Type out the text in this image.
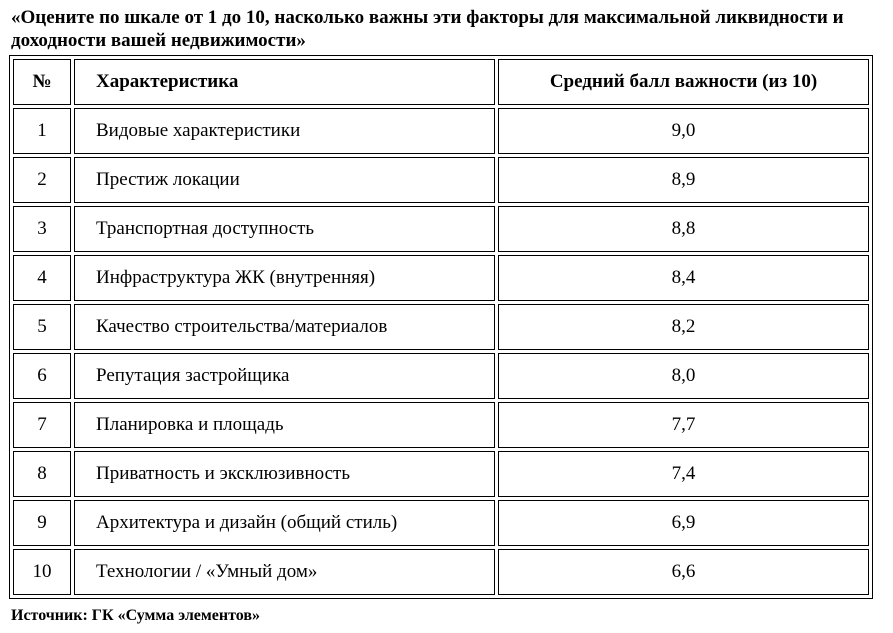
«Оцените по шкале от 1 до 10, насколько важны эти факторы для максимальной ликвидности и доходности вашей недвижимости»

№	Характеристика	Средний балл важности (из 10)
1	Видовые характеристики	9,0
2	Престиж локации	8,9
3	Транспортная доступность	8,8
4	Инфраструктура ЖК (внутренняя)	8,4
5	Качество строительства/материалов	8,2
6	Репутация застройщика	8,0
7	Планировка и площадь	7,7
8	Приватность и эксклюзивность	7,4
9	Архитектура и дизайн (общий стиль)	6,9
10	Технологии / «Умный дом»	6,6

Источник: ГК «Сумма элементов»
